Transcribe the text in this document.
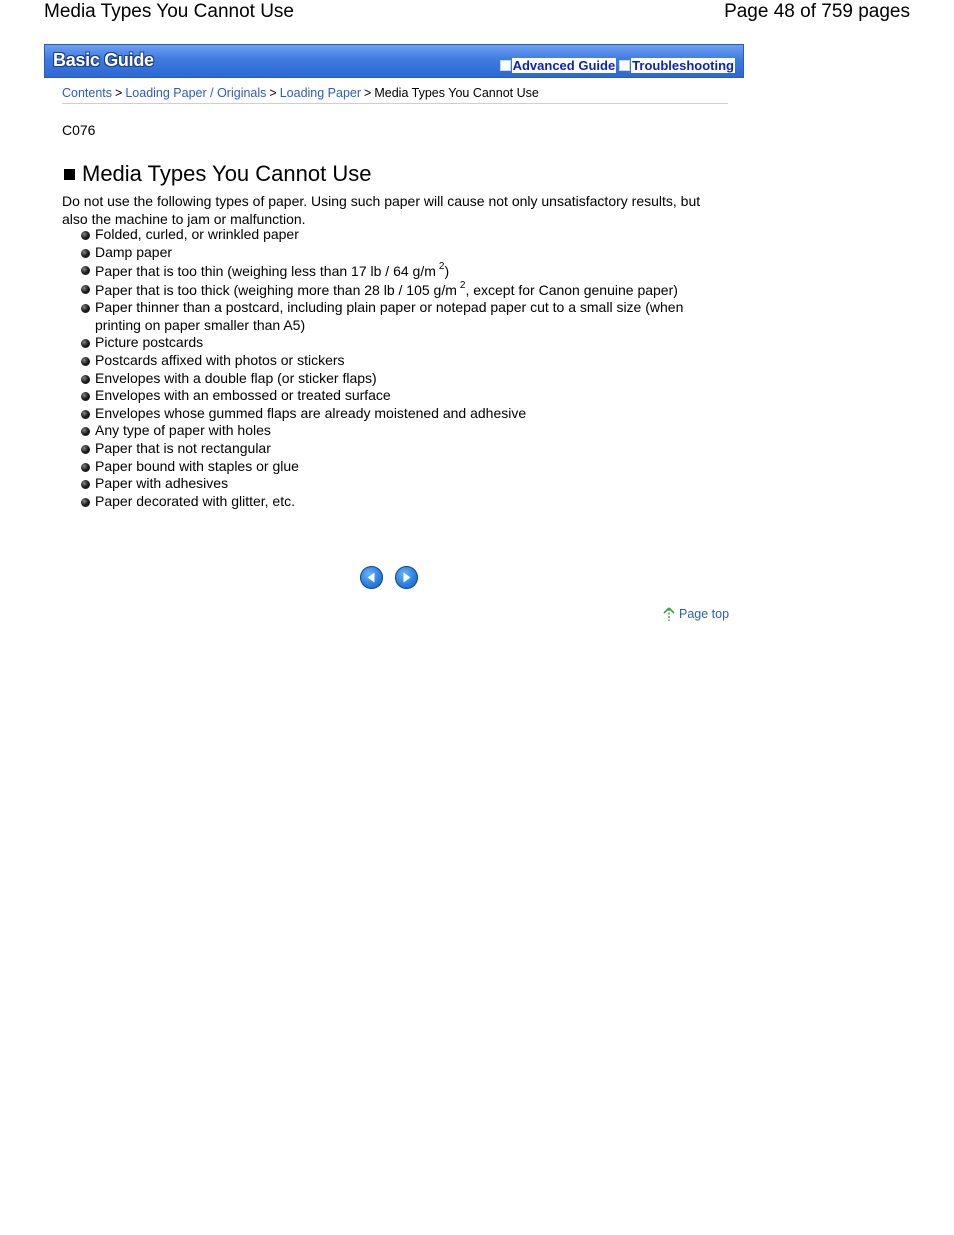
Media Types You Cannot Use	Page 48 of 759 pages
Basic Guide	Advanced Guide Troubleshooting
Contents > Loading Paper / Originals > Loading Paper > Media Types You Cannot Use
C076
Media Types You Cannot Use

Do not use the following types of paper. Using such paper will cause not only unsatisfactory results, but also the machine to jam or malfunction.

Folded, curled, or wrinkled paper
Damp paper
Paper that is too thin (weighing less than 17 lb / 64 g/m $^2$)
Paper that is too thick (weighing more than 28 lb / 105 g/m $^2$, except for Canon genuine paper)
Paper thinner than a postcard, including plain paper or notepad paper cut to a small size (when printing on paper smaller than A5)
Picture postcards
Postcards affixed with photos or stickers
Envelopes with a double flap (or sticker flaps)
Envelopes with an embossed or treated surface
Envelopes whose gummed flaps are already moistened and adhesive
Any type of paper with holes
Paper that is not rectangular
Paper bound with staples or glue
Paper with adhesives
Paper decorated with glitter, etc.
Page top
